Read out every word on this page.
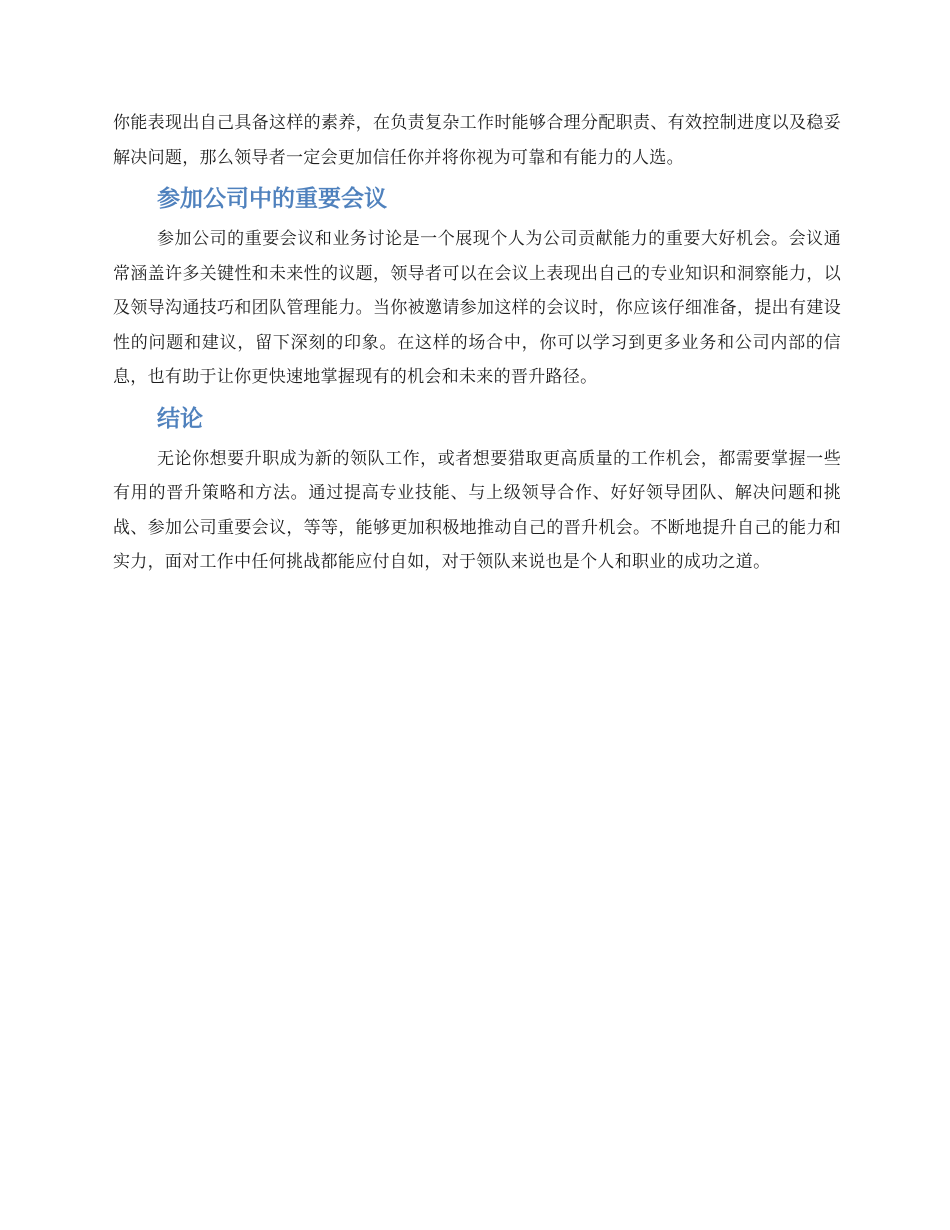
你能表现出自己具备这样的素养，在负责复杂工作时能够合理分配职责、有效控制进度以及稳妥解决问题，那么领导者一定会更加信任你并将你视为可靠和有能力的人选。

参加公司中的重要会议

参加公司的重要会议和业务讨论是一个展现个人为公司贡献能力的重要大好机会。会议通常涵盖许多关键性和未来性的议题，领导者可以在会议上表现出自己的专业知识和洞察能力，以及领导沟通技巧和团队管理能力。当你被邀请参加这样的会议时，你应该仔细准备，提出有建设性的问题和建议，留下深刻的印象。在这样的场合中，你可以学习到更多业务和公司内部的信息，也有助于让你更快速地掌握现有的机会和未来的晋升路径。

结论

无论你想要升职成为新的领队工作，或者想要猎取更高质量的工作机会，都需要掌握一些有用的晋升策略和方法。通过提高专业技能、与上级领导合作、好好领导团队、解决问题和挑战、参加公司重要会议，等等，能够更加积极地推动自己的晋升机会。不断地提升自己的能力和实力，面对工作中任何挑战都能应付自如，对于领队来说也是个人和职业的成功之道。
